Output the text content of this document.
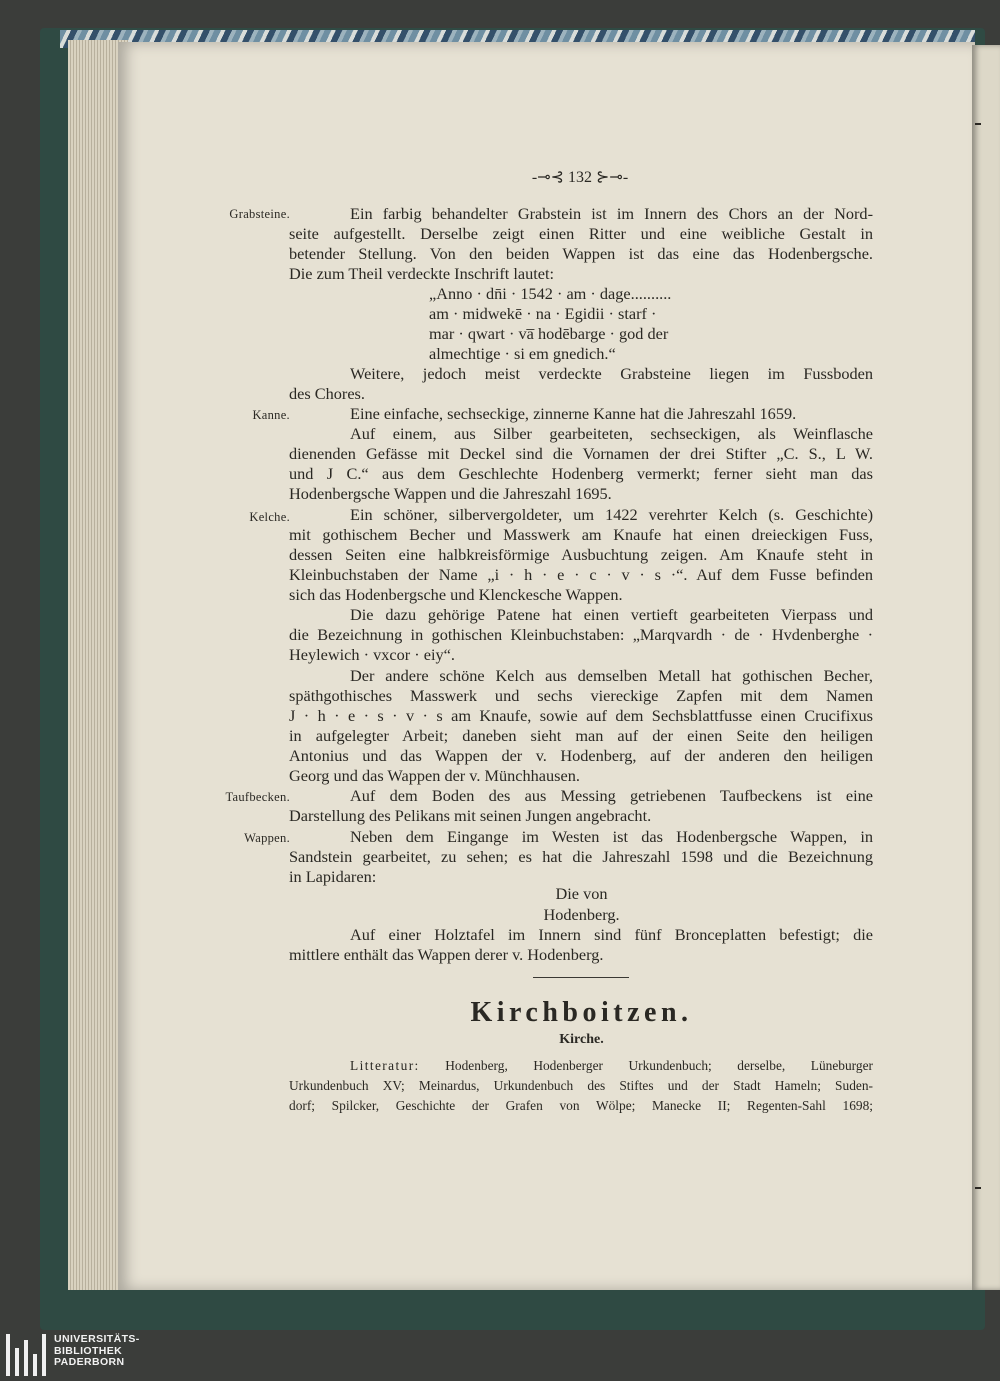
-⊸⊰ 132 ⊱⊸-
Grabsteine.
Kanne.
Kelche.
Taufbecken.
Wappen.
Ein farbig behandelter Grabstein ist im Innern des Chors an der Nord-
seite aufgestellt. Derselbe zeigt einen Ritter und eine weibliche Gestalt in
betender Stellung. Von den beiden Wappen ist das eine das Hodenbergsche.
Die zum Theil verdeckte Inschrift lautet:
„Anno · dn̄i · 1542 · am · dage..........
am · midwekē · na · Egidii · starf ·
mar · qwart · va̅ hodēbarge · god der
almechtige · si em gnedich.“
Weitere, jedoch meist verdeckte Grabsteine liegen im Fussboden
des Chores.
Eine einfache, sechseckige, zinnerne Kanne hat die Jahreszahl 1659.
Auf einem, aus Silber gearbeiteten, sechseckigen, als Weinflasche
dienenden Gefässe mit Deckel sind die Vornamen der drei Stifter „C. S., L W.
und J C.“ aus dem Geschlechte Hodenberg vermerkt; ferner sieht man das
Hodenbergsche Wappen und die Jahreszahl 1695.
Ein schöner, silbervergoldeter, um 1422 verehrter Kelch (s. Geschichte)
mit gothischem Becher und Masswerk am Knaufe hat einen dreieckigen Fuss,
dessen Seiten eine halbkreisförmige Ausbuchtung zeigen. Am Knaufe steht in
Kleinbuchstaben der Name „i · h · e · c · v · s ·“. Auf dem Fusse befinden
sich das Hodenbergsche und Klenckesche Wappen.
Die dazu gehörige Patene hat einen vertieft gearbeiteten Vierpass und
die Bezeichnung in gothischen Kleinbuchstaben: „Marqvardh · de · Hvdenberghe ·
Heylewich · vxcor · eiy“.
Der andere schöne Kelch aus demselben Metall hat gothischen Becher,
späthgothisches Masswerk und sechs viereckige Zapfen mit dem Namen
J · h · e · s · v · s am Knaufe, sowie auf dem Sechsblattfusse einen Crucifixus
in aufgelegter Arbeit; daneben sieht man auf der einen Seite den heiligen
Antonius und das Wappen der v. Hodenberg, auf der anderen den heiligen
Georg und das Wappen der v. Münchhausen.
Auf dem Boden des aus Messing getriebenen Taufbeckens ist eine
Darstellung des Pelikans mit seinen Jungen angebracht.
Neben dem Eingange im Westen ist das Hodenbergsche Wappen, in
Sandstein gearbeitet, zu sehen; es hat die Jahreszahl 1598 und die Bezeichnung
in Lapidaren:
Die von
Hodenberg.
Auf einer Holztafel im Innern sind fünf Bronceplatten befestigt; die
mittlere enthält das Wappen derer v. Hodenberg.
Kirchboitzen.
Kirche.
Litteratur: Hodenberg, Hodenberger Urkundenbuch; derselbe, Lüneburger
Urkundenbuch XV; Meinardus, Urkundenbuch des Stiftes und der Stadt Hameln; Suden-
dorf; Spilcker, Geschichte der Grafen von Wölpe; Manecke II; Regenten-Sahl 1698;
UNIVERSITÄTS-
BIBLIOTHEK
PADERBORN
